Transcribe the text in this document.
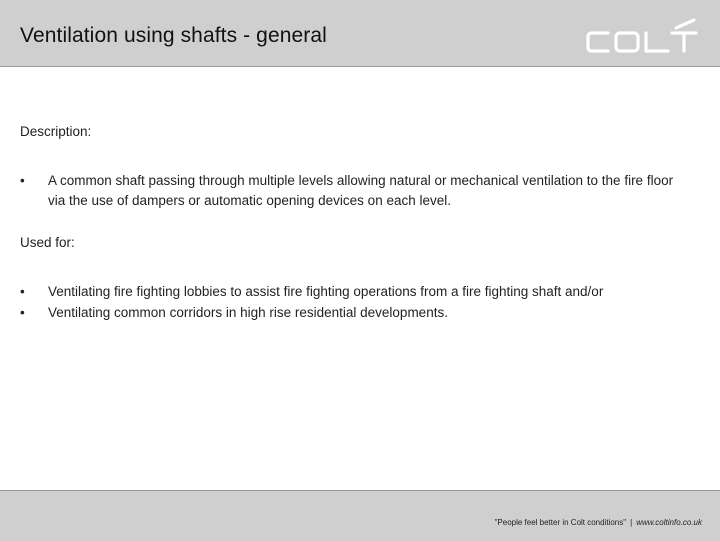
Ventilation using shafts - general
Description:
• A common shaft passing through multiple levels allowing natural or mechanical ventilation to the fire floor via the use of dampers or automatic opening devices on each level.
Used for:
• Ventilating fire fighting lobbies to assist fire fighting operations from a fire fighting shaft and/or
• Ventilating common corridors in high rise residential developments.
"People feel better in Colt conditions" | www.coltinfo.co.uk
